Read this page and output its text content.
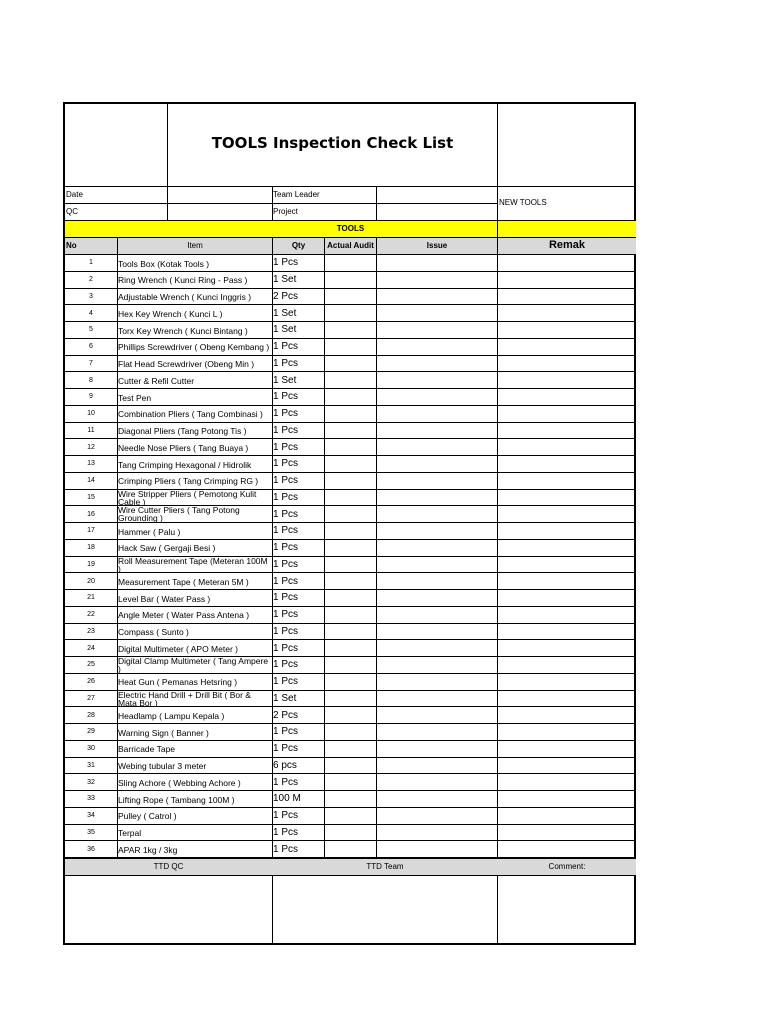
TOOLS Inspection Check List
Date	Team Leader
QC	Project
NEW TOOLS
TOOLS
No	Item	Qty	Actual Audit	Issue	Remak
1	Tools Box (Kotak Tools )	1 Pcs
2	Ring Wrench ( Kunci Ring - Pass )	1 Set
3	Adjustable Wrench ( Kunci Inggris )	2 Pcs
4	Hex Key Wrench ( Kunci L )	1 Set
5	Torx Key Wrench ( Kunci Bintang )	1 Set
6	Phillips Screwdriver ( Obeng Kembang ) 1 Pcs
7	Flat Head Screwdriver (Obeng Min )	1 Pcs
8	Cutter & Refil Cutter	1 Set
9	Test Pen	1 Pcs
10	Combination Pliers ( Tang Combinasi )	1 Pcs
11	Diagonal Pliers (Tang Potong Tis )	1 Pcs
12	Needle Nose Pliers ( Tang Buaya )	1 Pcs
13	Tang Crimping Hexagonal / Hidrolik	1 Pcs
14	Crimping Pliers ( Tang Crimping RG )	1 Pcs
15	Wire Stripper Pliers ( Pemotong Kulit Cable )	1 Pcs
16	Wire Cutter Pliers ( Tang Potong Grounding )	1 Pcs
17	Hammer ( Palu )	1 Pcs
18	Hack Saw ( Gergaji Besi )	1 Pcs
19	Roll Measurement Tape (Meteran 100M )	1 Pcs
20	Measurement Tape ( Meteran 5M )	1 Pcs
21	Level Bar ( Water Pass )	1 Pcs
22	Angle Meter ( Water Pass Antena )	1 Pcs
23	Compass ( Sunto )	1 Pcs
24	Digital Multimeter ( APO Meter )	1 Pcs
25	Digital Clamp Multimeter ( Tang Ampere )	1 Pcs
26	Heat Gun ( Pemanas Hetsring )	1 Pcs
27	Electric Hand Drill + Drill Bit ( Bor & Mata Bor )	1 Set
28	Headlamp ( Lampu Kepala )	2 Pcs
29	Warning Sign ( Banner )	1 Pcs
30	Barricade Tape	1 Pcs
31	Webing tubular 3 meter	6 pcs
32	Sling Achore ( Webbing Achore )	1 Pcs
33	Lifting Rope ( Tambang 100M )	100 M
34	Pulley ( Catrol )	1 Pcs
35	Terpal	1 Pcs
36	APAR 1kg / 3kg	1 Pcs
TTD QC	TTD Team	Comment:
